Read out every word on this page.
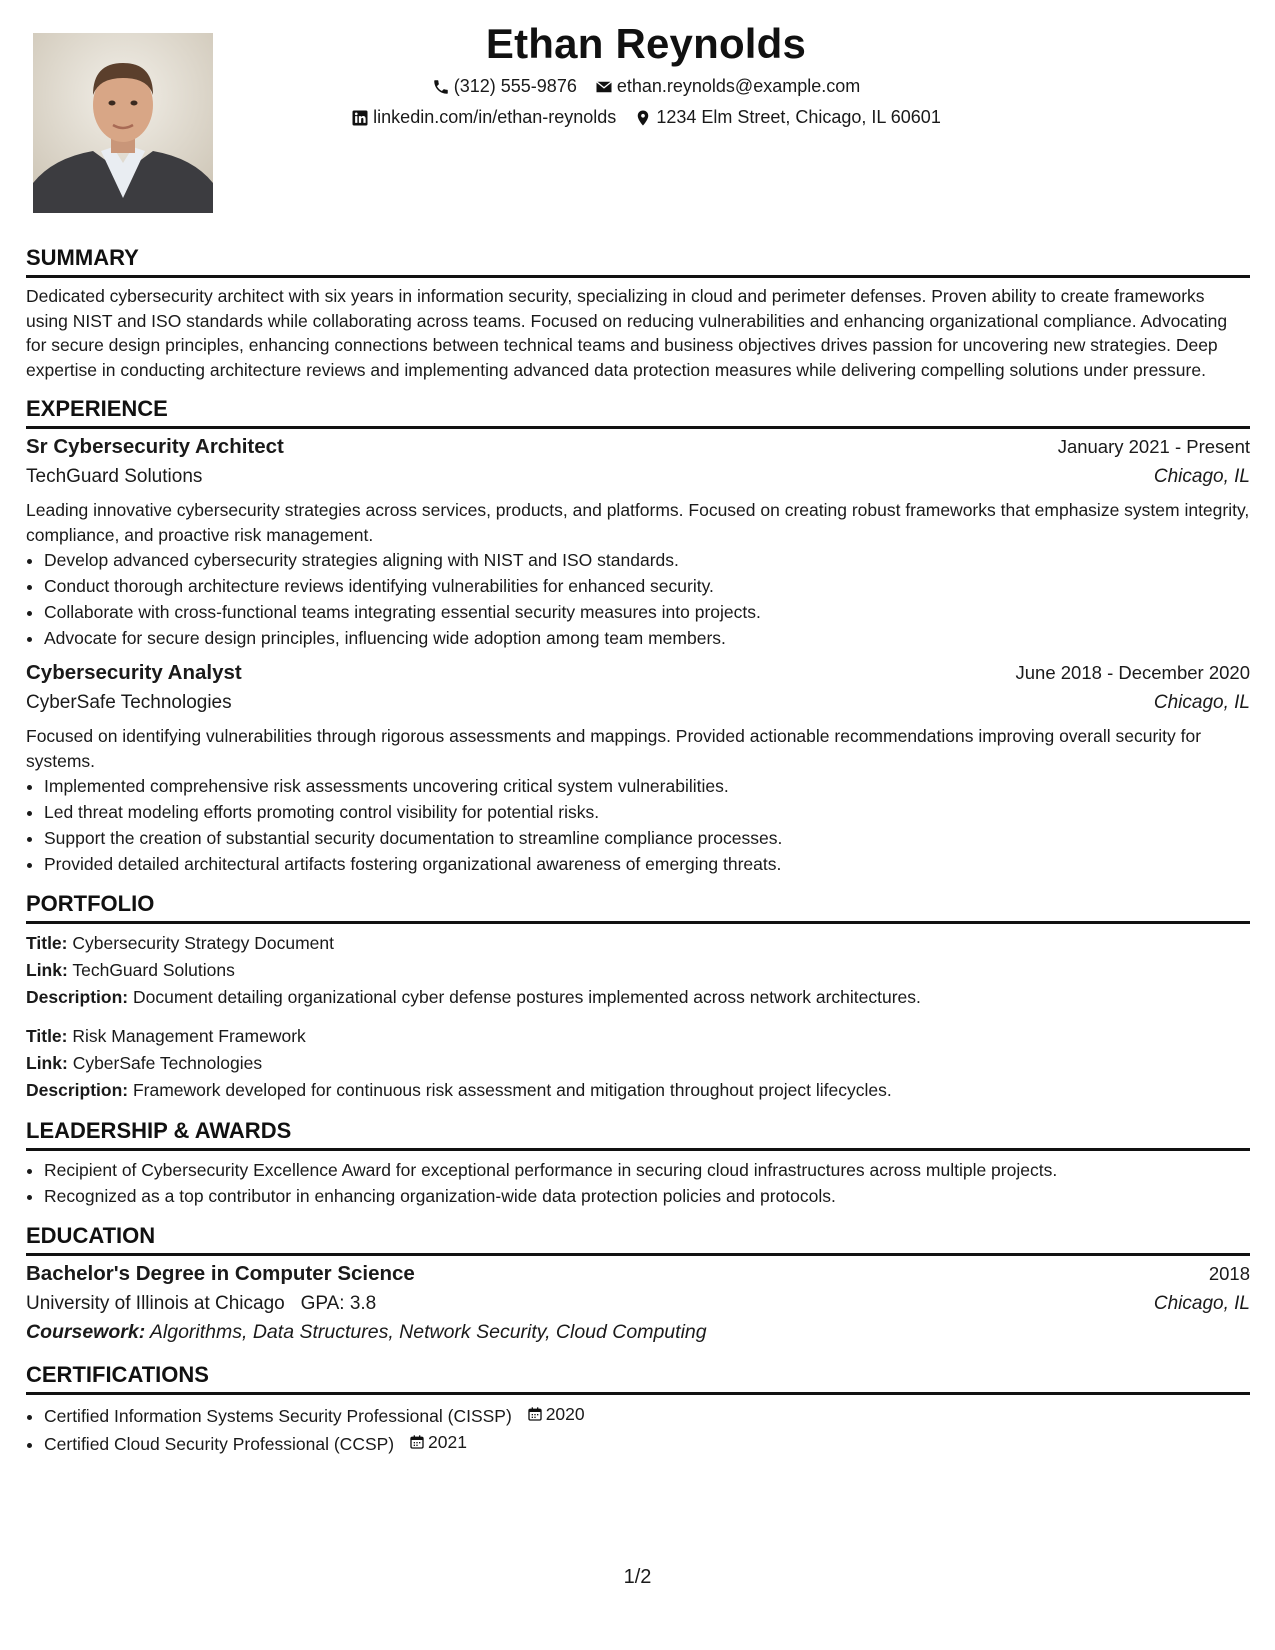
Ethan Reynolds
(312) 555-9876 ethan.reynolds@example.com
linkedin.com/in/ethan-reynolds 1234 Elm Street, Chicago, IL 60601
SUMMARY

Dedicated cybersecurity architect with six years in information security, specializing in cloud and perimeter defenses. Proven ability to create frameworks using NIST and ISO standards while collaborating across teams. Focused on reducing vulnerabilities and enhancing organizational compliance. Advocating for secure design principles, enhancing connections between technical teams and business objectives drives passion for uncovering new strategies. Deep expertise in conducting architecture reviews and implementing advanced data protection measures while delivering compelling solutions under pressure.

EXPERIENCE
Sr Cybersecurity Architect	January 2021 - Present
TechGuard Solutions	Chicago, IL

Leading innovative cybersecurity strategies across services, products, and platforms. Focused on creating robust frameworks that emphasize system integrity, compliance, and proactive risk management.

• Develop advanced cybersecurity strategies aligning with NIST and ISO standards.
• Conduct thorough architecture reviews identifying vulnerabilities for enhanced security.
• Collaborate with cross-functional teams integrating essential security measures into projects.
• Advocate for secure design principles, influencing wide adoption among team members.
Cybersecurity Analyst	June 2018 - December 2020
CyberSafe Technologies	Chicago, IL

Focused on identifying vulnerabilities through rigorous assessments and mappings. Provided actionable recommendations improving overall security for systems.

• Implemented comprehensive risk assessments uncovering critical system vulnerabilities.
• Led threat modeling efforts promoting control visibility for potential risks.
• Support the creation of substantial security documentation to streamline compliance processes.
• Provided detailed architectural artifacts fostering organizational awareness of emerging threats.
PORTFOLIO
Title: Cybersecurity Strategy Document
Link: TechGuard Solutions
Description: Document detailing organizational cyber defense postures implemented across network architectures.
Title: Risk Management Framework
Link: CyberSafe Technologies
Description: Framework developed for continuous risk assessment and mitigation throughout project lifecycles.
LEADERSHIP & AWARDS
• Recipient of Cybersecurity Excellence Award for exceptional performance in securing cloud infrastructures across multiple projects.
• Recognized as a top contributor in enhancing organization-wide data protection policies and protocols.
EDUCATION
Bachelor's Degree in Computer Science	2018
University of Illinois at Chicago GPA: 3.8	Chicago, IL
Coursework: Algorithms, Data Structures, Network Security, Cloud Computing
CERTIFICATIONS
• Certified Information Systems Security Professional (CISSP) 2020
• Certified Cloud Security Professional (CCSP) 2021
1/2
